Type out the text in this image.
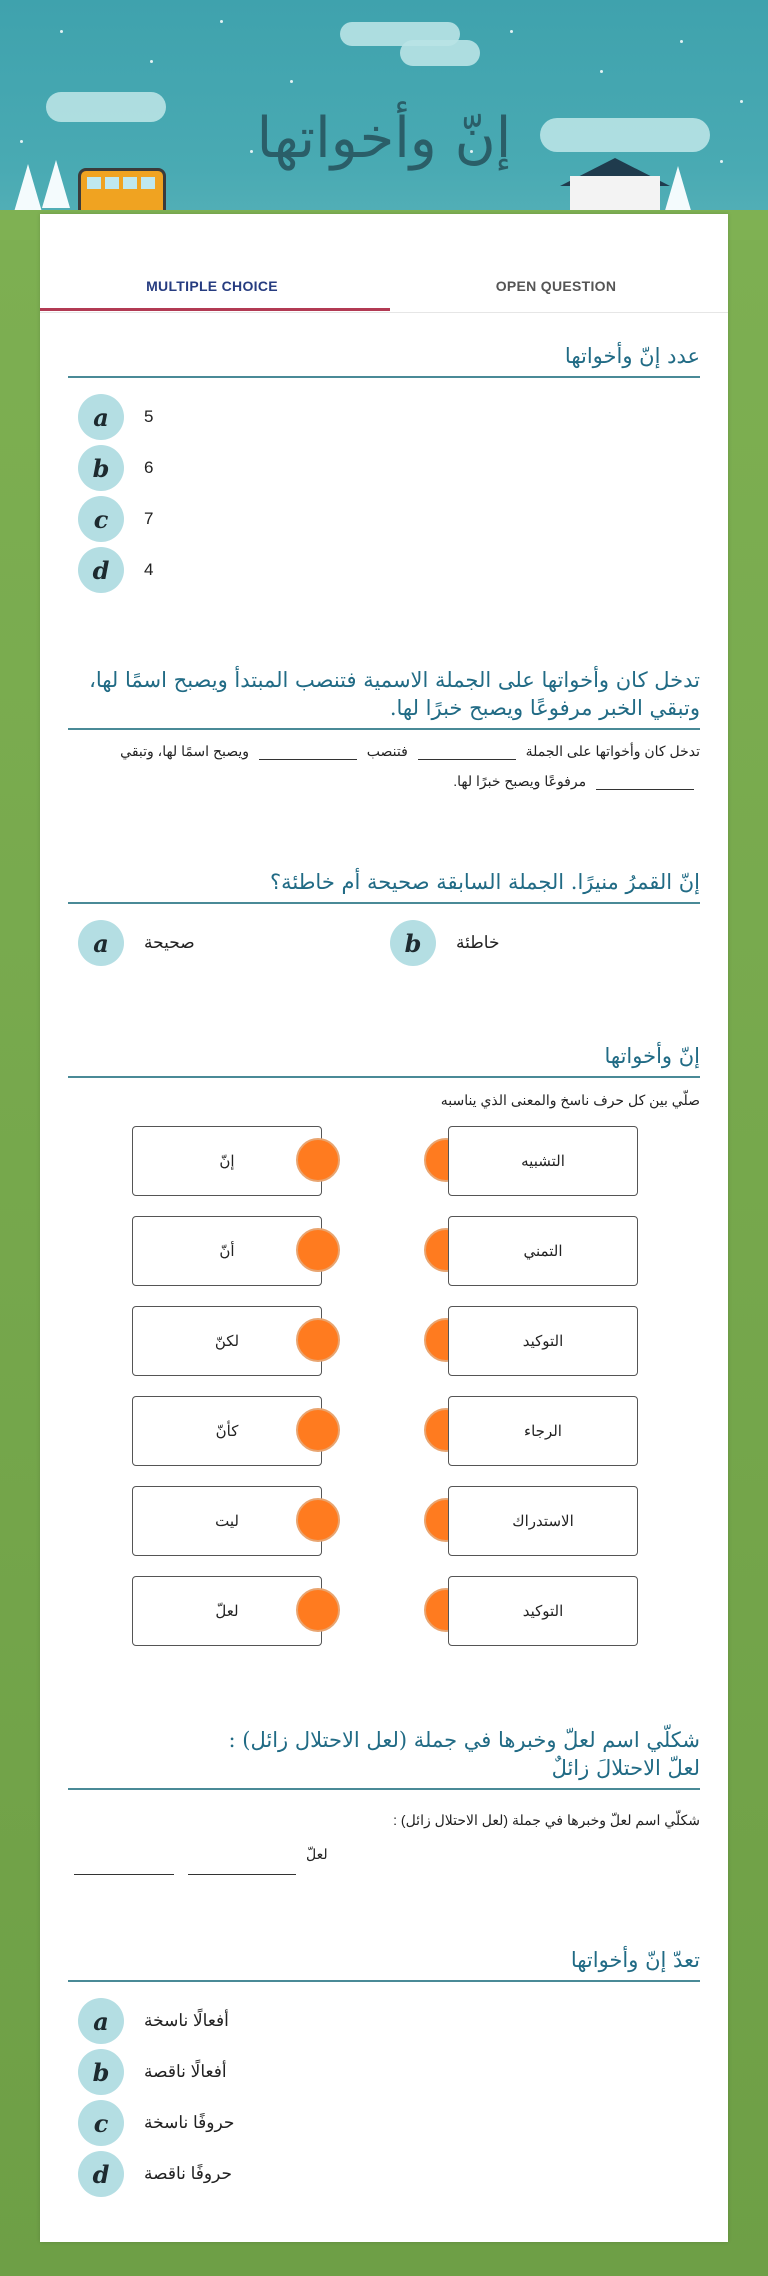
إنّ وأخواتها
MULTIPLE CHOICE	OPEN QUESTION
عدد إنّ وأخواتها
a	5
b	6
c	7
d	4
تدخل كان وأخواتها على الجملة الاسمية فتنصب المبتدأ ويصبح اسمًا لها،
وتبقي الخبر مرفوعًا ويصبح خبرًا لها.
تدخل كان وأخواتها على الجملة  فتنصب  ويصبح اسمًا لها، وتبقي  مرفوعًا ويصبح خبرًا لها.
إنّ القمرُ منيرًا. الجملة السابقة صحيحة أم خاطئة؟
a	صحيحة	b	خاطئة
إنّ وأخواتها
صلّي بين كل حرف ناسخ والمعنى الذي يناسبه
إنّ	التشبيه
أنّ	التمني
لكنّ	التوكيد
كأنّ	الرجاء
ليت	الاستدراك
لعلّ	التوكيد
شكلّي اسم لعلّ وخبرها في جملة (لعل الاحتلال زائل) :
لعلّ الاحتلالَ زائلٌ
شكلّي اسم لعلّ وخبرها في جملة (لعل الاحتلال زائل) :
لعلّ
تعدّ إنّ وأخواتها
a	أفعالًا ناسخة
b	أفعالًا ناقصة
c	حروفًا ناسخة
d	حروفًا ناقصة
